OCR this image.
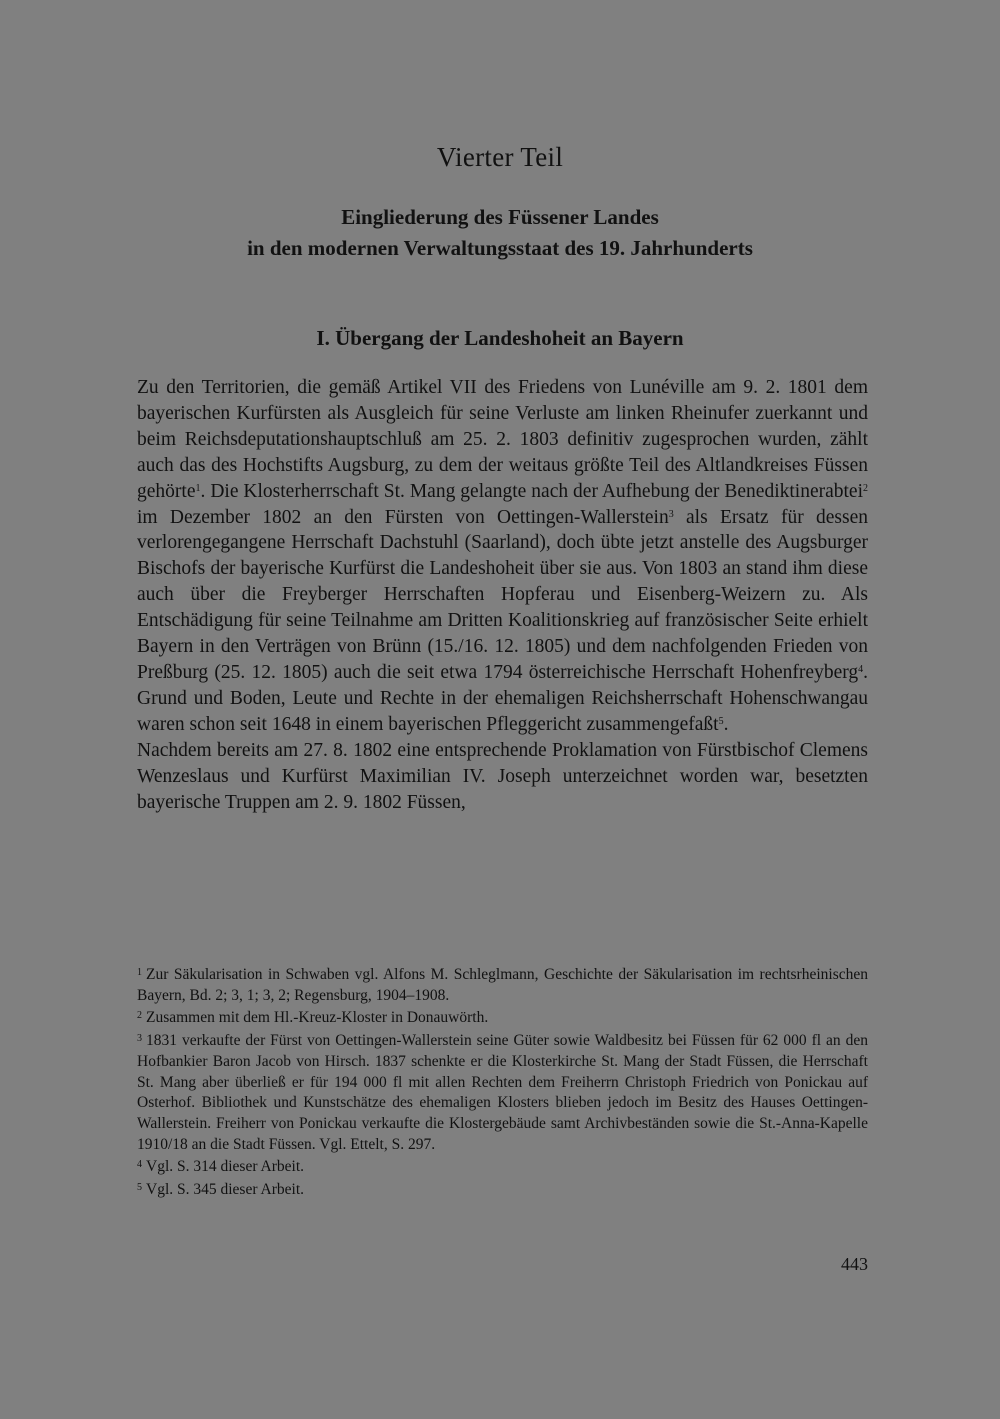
Vierter Teil
Eingliederung des Füssener Landes
in den modernen Verwaltungsstaat des 19. Jahrhunderts
I. Übergang der Landeshoheit an Bayern

Zu den Territorien, die gemäß Artikel VII des Friedens von Lunéville am 9. 2. 1801 dem bayerischen Kurfürsten als Ausgleich für seine Verluste am linken Rheinufer zuerkannt und beim Reichsdeputationshauptschluß am 25. 2. 1803 definitiv zugesprochen wurden, zählt auch das des Hochstifts Augsburg, zu dem der weitaus größte Teil des Altlandkreises Füssen gehörte$^1$. Die Klosterherrschaft St. Mang gelangte nach der Aufhebung der Benediktinerabtei$^2$ im Dezember 1802 an den Fürsten von Oettingen-Wallerstein$^3$ als Ersatz für dessen verlorengegangene Herrschaft Dachstuhl (Saarland), doch übte jetzt anstelle des Augsburger Bischofs der bayerische Kurfürst die Landeshoheit über sie aus. Von 1803 an stand ihm diese auch über die Freyberger Herrschaften Hopferau und Eisenberg-Weizern zu. Als Entschädigung für seine Teilnahme am Dritten Koalitionskrieg auf französischer Seite erhielt Bayern in den Verträgen von Brünn (15./16. 12. 1805) und dem nachfolgenden Frieden von Preßburg (25. 12. 1805) auch die seit etwa 1794 österreichische Herrschaft Hohenfreyberg$^4$. Grund und Boden, Leute und Rechte in der ehemaligen Reichsherrschaft Hohenschwangau waren schon seit 1648 in einem bayerischen Pfleggericht zusammengefaßt$^5$.

Nachdem bereits am 27. 8. 1802 eine entsprechende Proklamation von Fürstbischof Clemens Wenzeslaus und Kurfürst Maximilian IV. Joseph unterzeichnet worden war, besetzten bayerische Truppen am 2. 9. 1802 Füssen,

$^1$ Zur Säkularisation in Schwaben vgl. Alfons M. Schleglmann, Geschichte der Säkularisation im rechtsrheinischen Bayern, Bd. 2; 3, 1; 3, 2; Regensburg, 1904–1908.

$^2$ Zusammen mit dem Hl.-Kreuz-Kloster in Donauwörth.

$^3$ 1831 verkaufte der Fürst von Oettingen-Wallerstein seine Güter sowie Waldbesitz bei Füssen für 62 000 fl an den Hofbankier Baron Jacob von Hirsch. 1837 schenkte er die Klosterkirche St. Mang der Stadt Füssen, die Herrschaft St. Mang aber überließ er für 194 000 fl mit allen Rechten dem Freiherrn Christoph Friedrich von Ponickau auf Osterhof. Bibliothek und Kunstschätze des ehemaligen Klosters blieben jedoch im Besitz des Hauses Oettingen-Wallerstein. Freiherr von Ponickau verkaufte die Klostergebäude samt Archivbeständen sowie die St.-Anna-Kapelle 1910/18 an die Stadt Füssen. Vgl. Ettelt, S. 297.

$^4$ Vgl. S. 314 dieser Arbeit.

$^5$ Vgl. S. 345 dieser Arbeit.

443
